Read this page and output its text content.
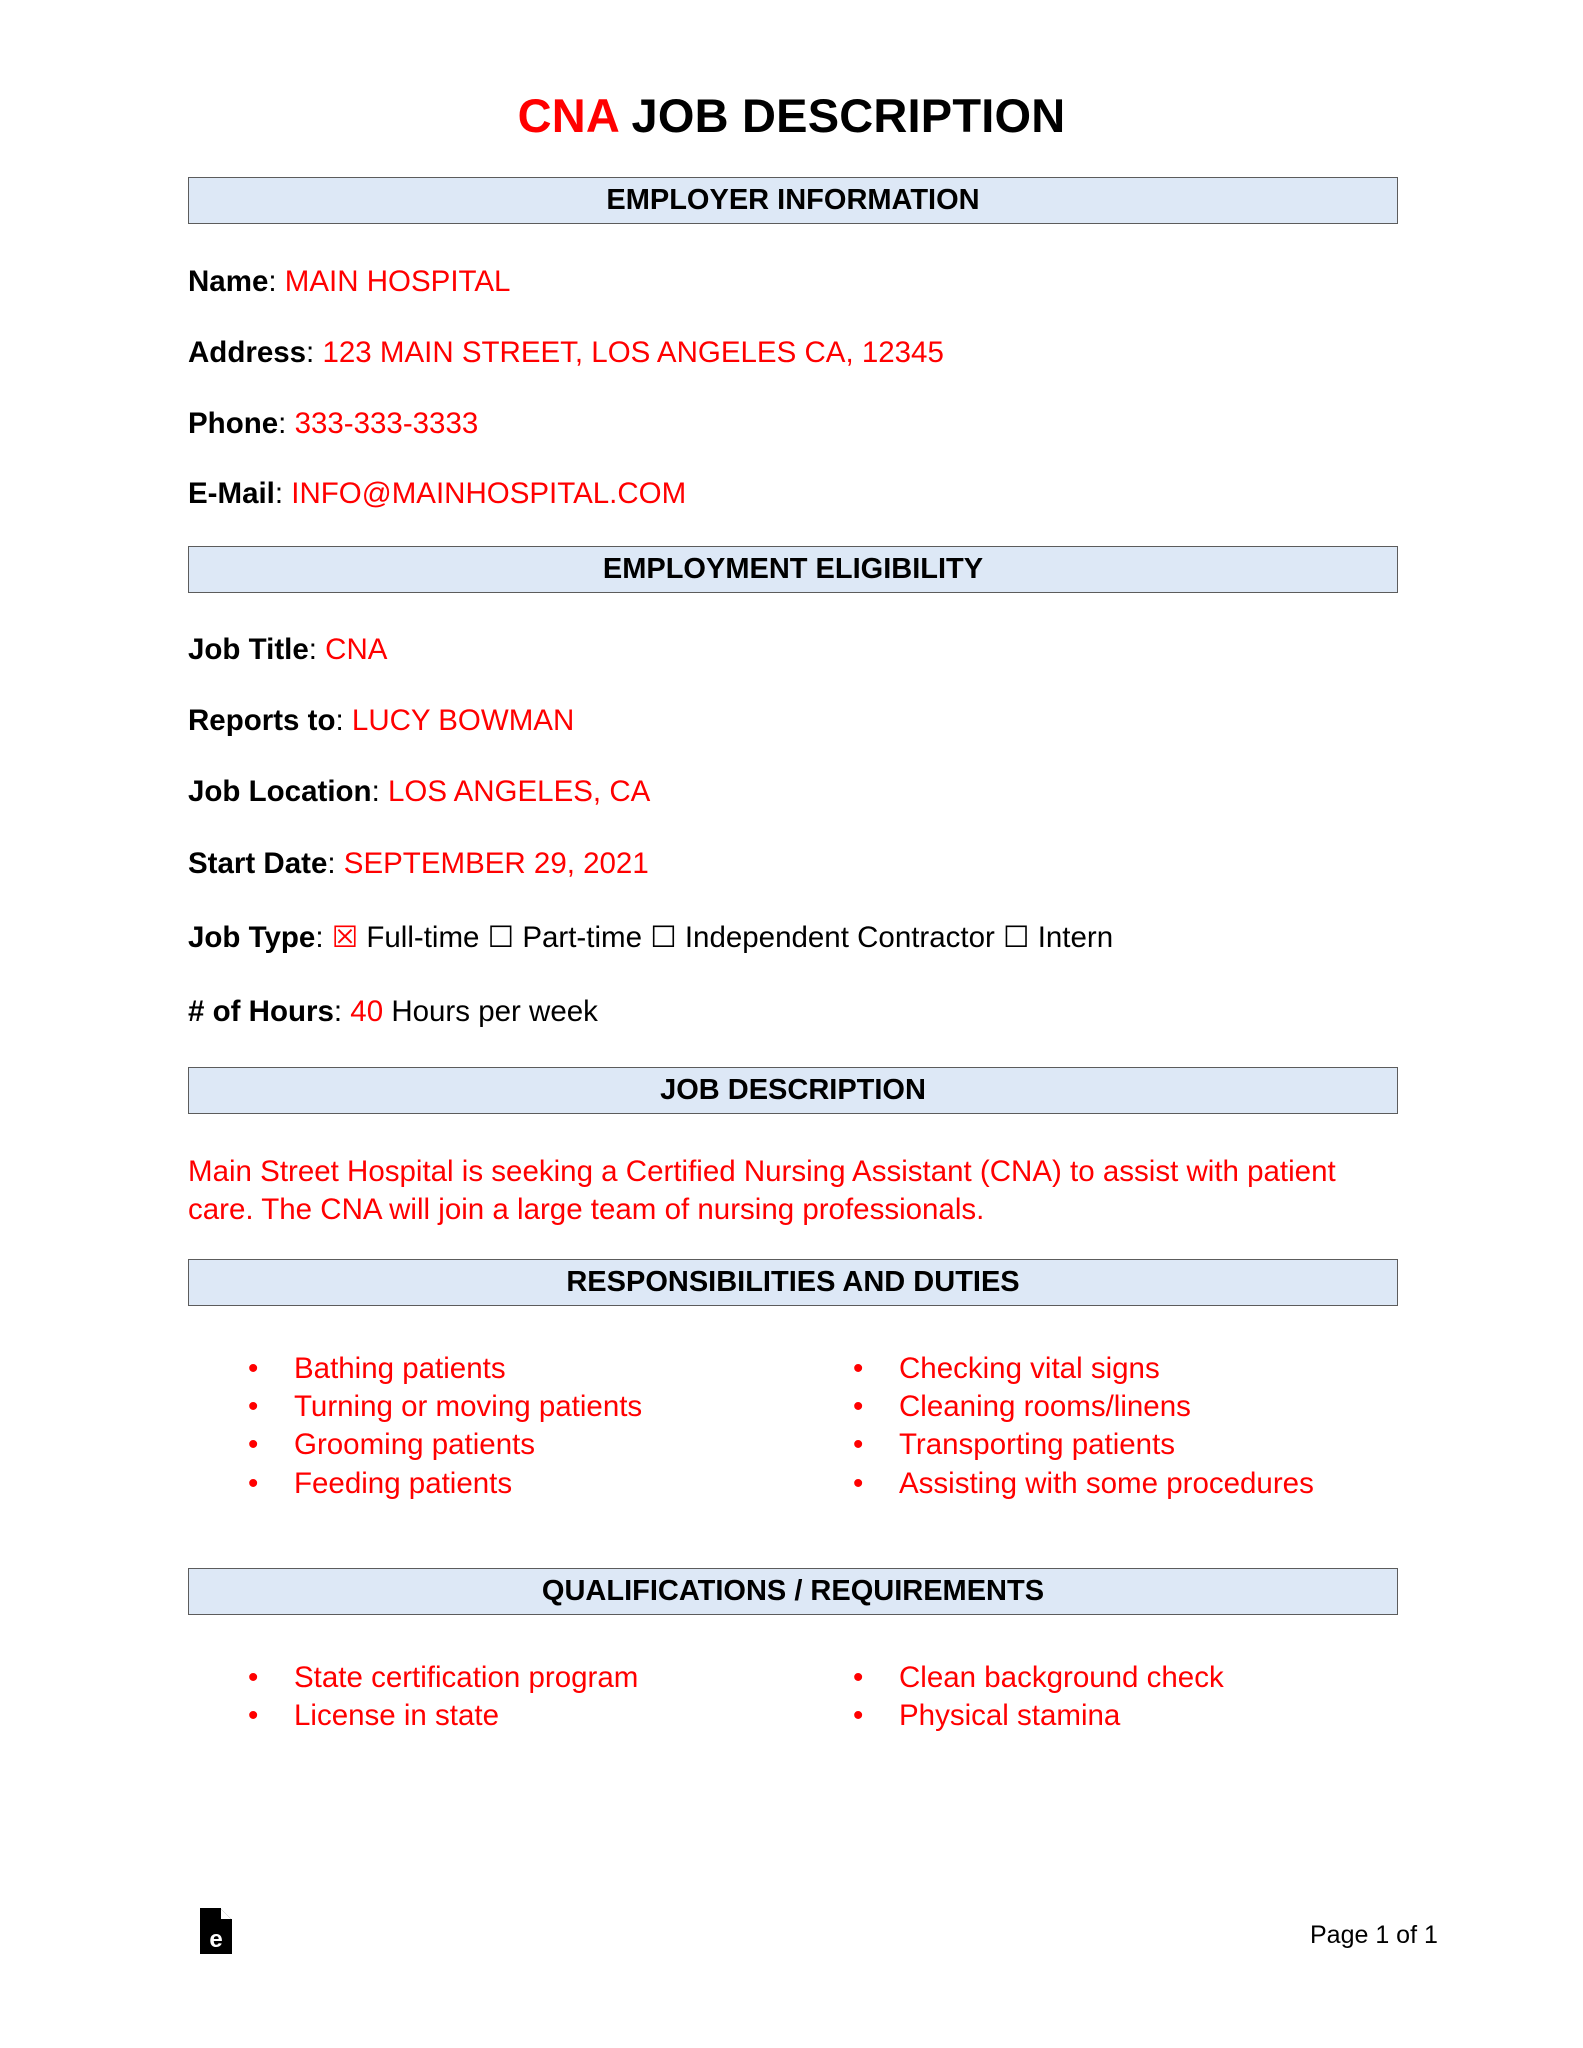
CNA JOB DESCRIPTION
EMPLOYER INFORMATION
Name: MAIN HOSPITAL
Address: 123 MAIN STREET, LOS ANGELES CA, 12345
Phone: 333-333-3333
E-Mail: INFO@MAINHOSPITAL.COM
EMPLOYMENT ELIGIBILITY
Job Title: CNA
Reports to: LUCY BOWMAN
Job Location: LOS ANGELES, CA
Start Date: SEPTEMBER 29, 2021
Job Type: ☒ Full-time ☐ Part-time ☐ Independent Contractor ☐ Intern
# of Hours: 40 Hours per week
JOB DESCRIPTION
Main Street Hospital is seeking a Certified Nursing Assistant (CNA) to assist with patient care. The CNA will join a large team of nursing professionals.
RESPONSIBILITIES AND DUTIES
• Bathing patients
• Turning or moving patients
• Grooming patients
• Feeding patients
• Checking vital signs
• Cleaning rooms/linens
• Transporting patients
• Assisting with some procedures
QUALIFICATIONS / REQUIREMENTS
• State certification program
• License in state
• Clean background check
• Physical stamina
e	Page 1 of 1
